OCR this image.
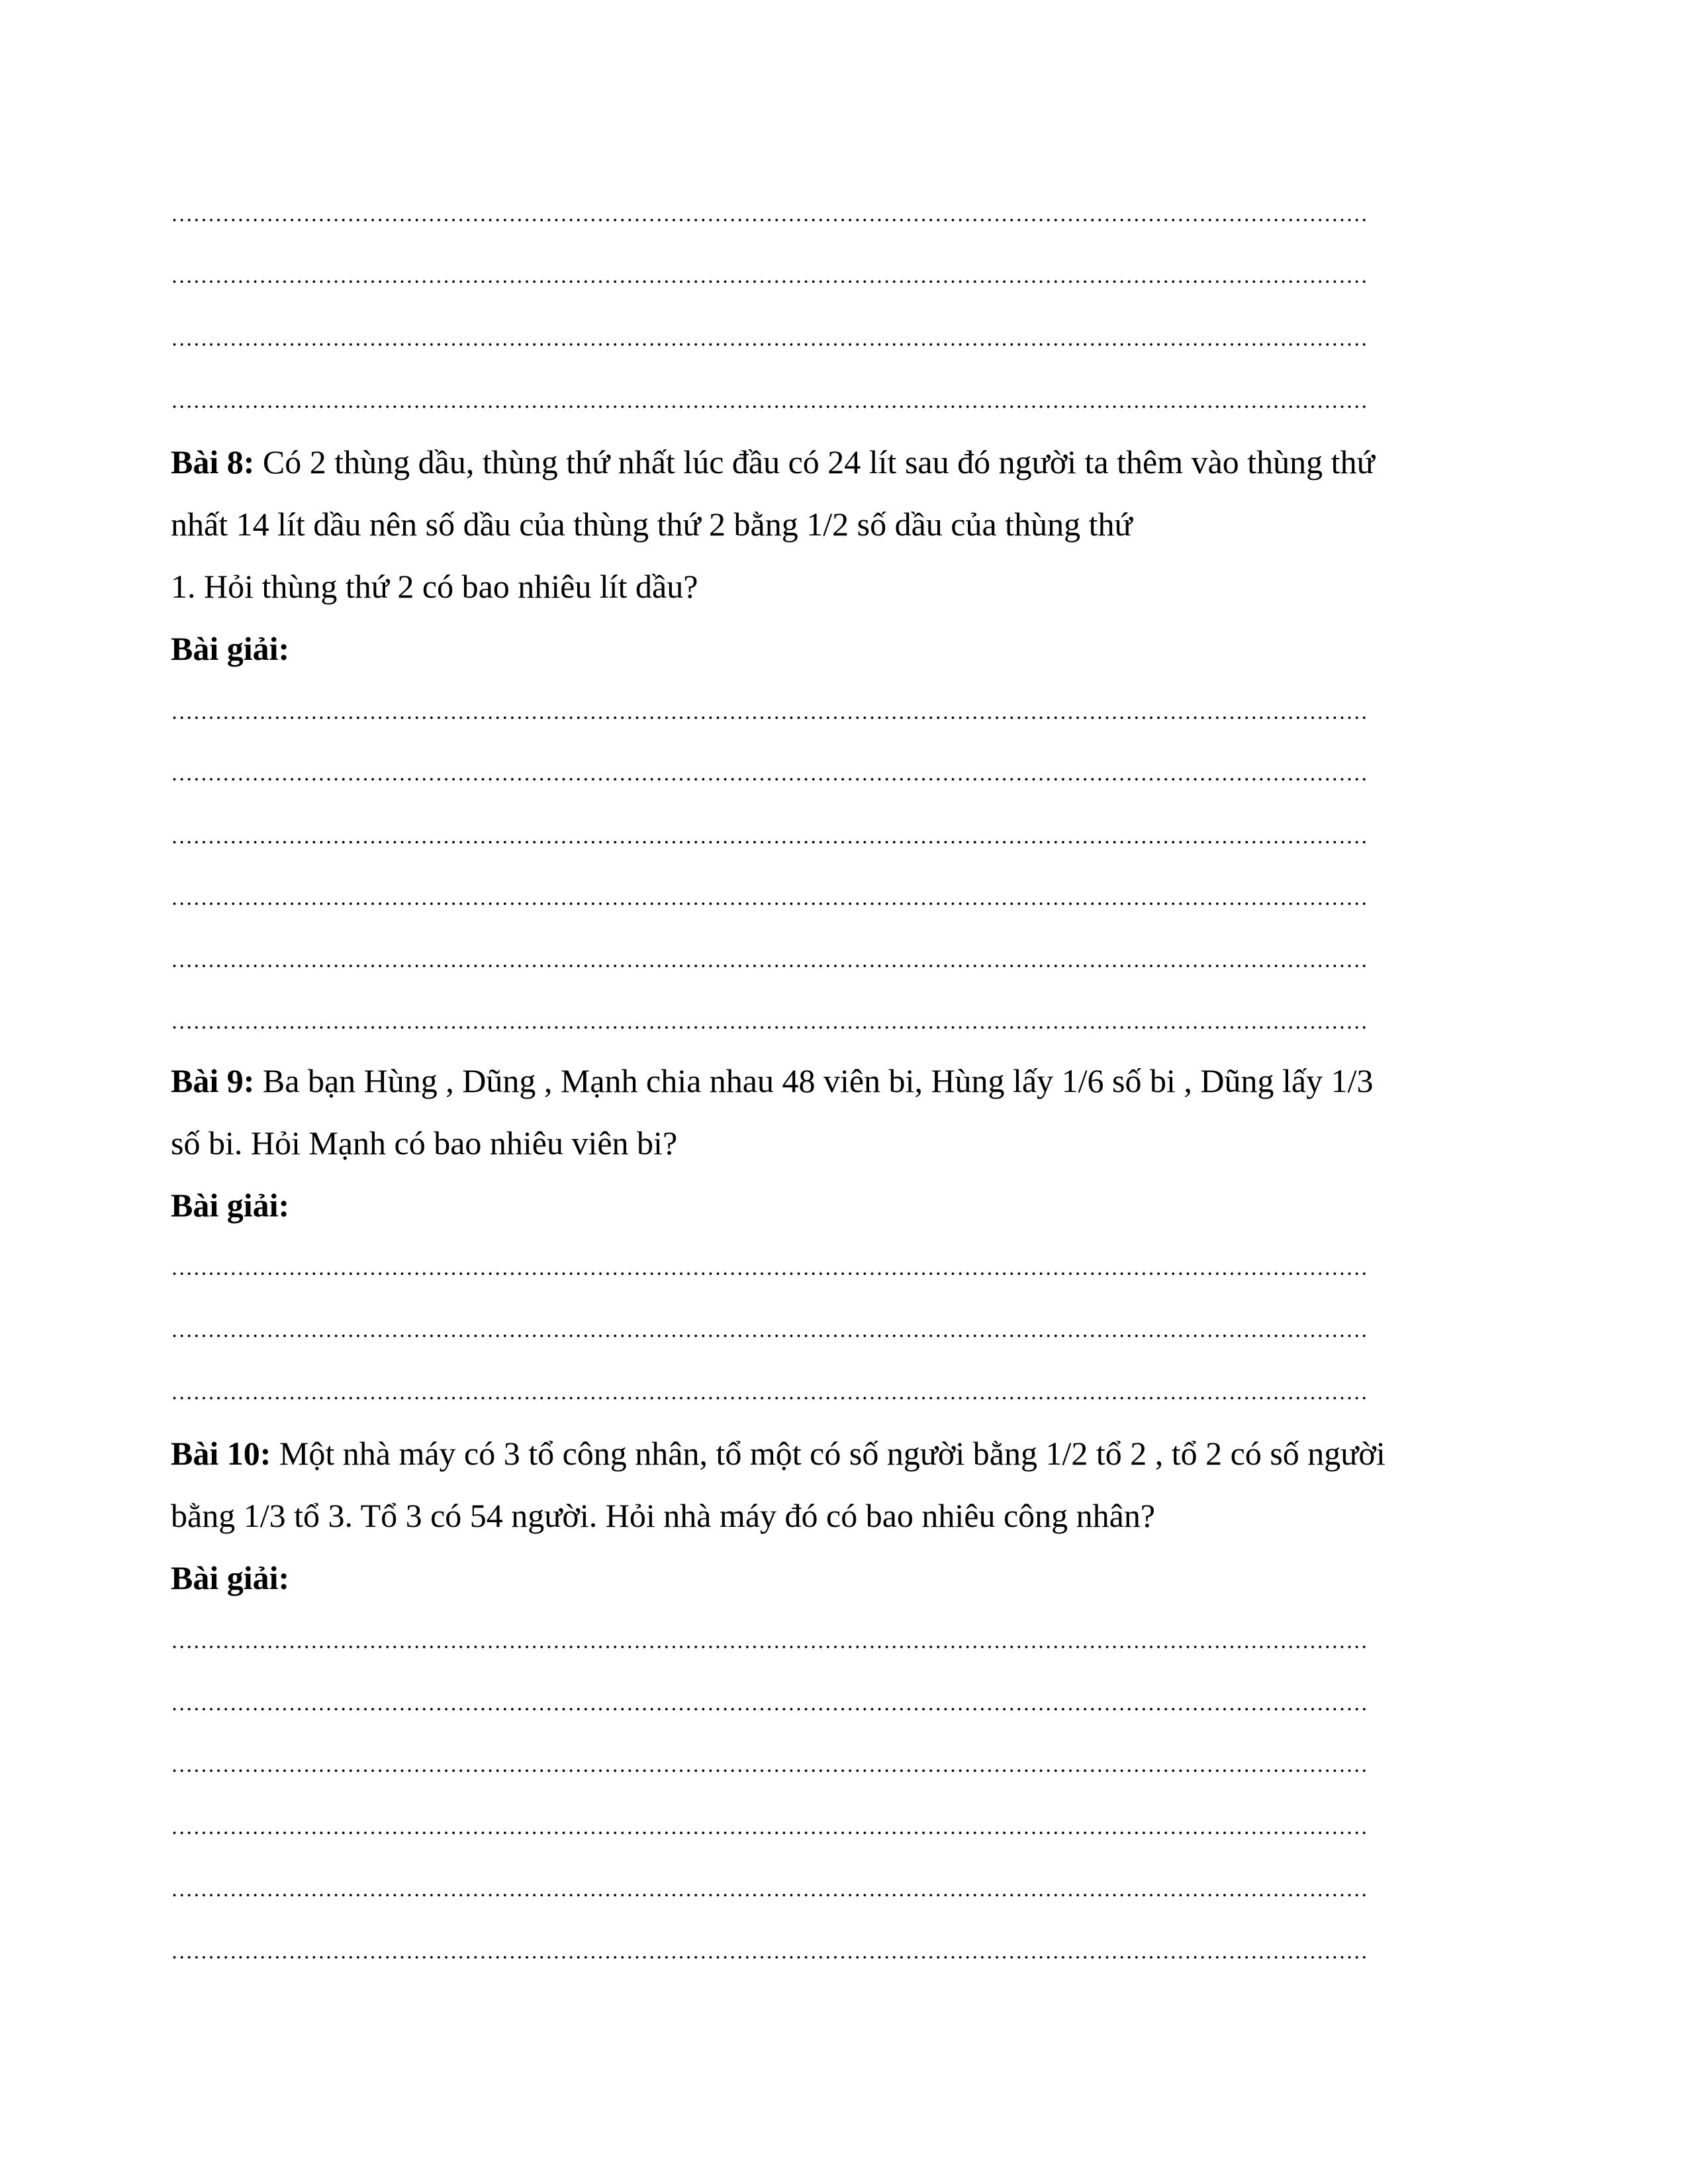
Bài 8: Có 2 thùng dầu, thùng thứ nhất lúc đầu có 24 lít sau đó người ta thêm vào thùng thứ
nhất 14 lít dầu nên số dầu của thùng thứ 2 bằng 1/2 số dầu của thùng thứ
1. Hỏi thùng thứ 2 có bao nhiêu lít dầu?
Bài giải:
Bài 9: Ba bạn Hùng , Dũng , Mạnh chia nhau 48 viên bi, Hùng lấy 1/6 số bi , Dũng lấy 1/3
số bi. Hỏi Mạnh có bao nhiêu viên bi?
Bài giải:
Bài 10: Một nhà máy có 3 tổ công nhân, tổ một có số người bằng 1/2 tổ 2 , tổ 2 có số người
bằng 1/3 tổ 3. Tổ 3 có 54 người. Hỏi nhà máy đó có bao nhiêu công nhân?
Bài giải:
